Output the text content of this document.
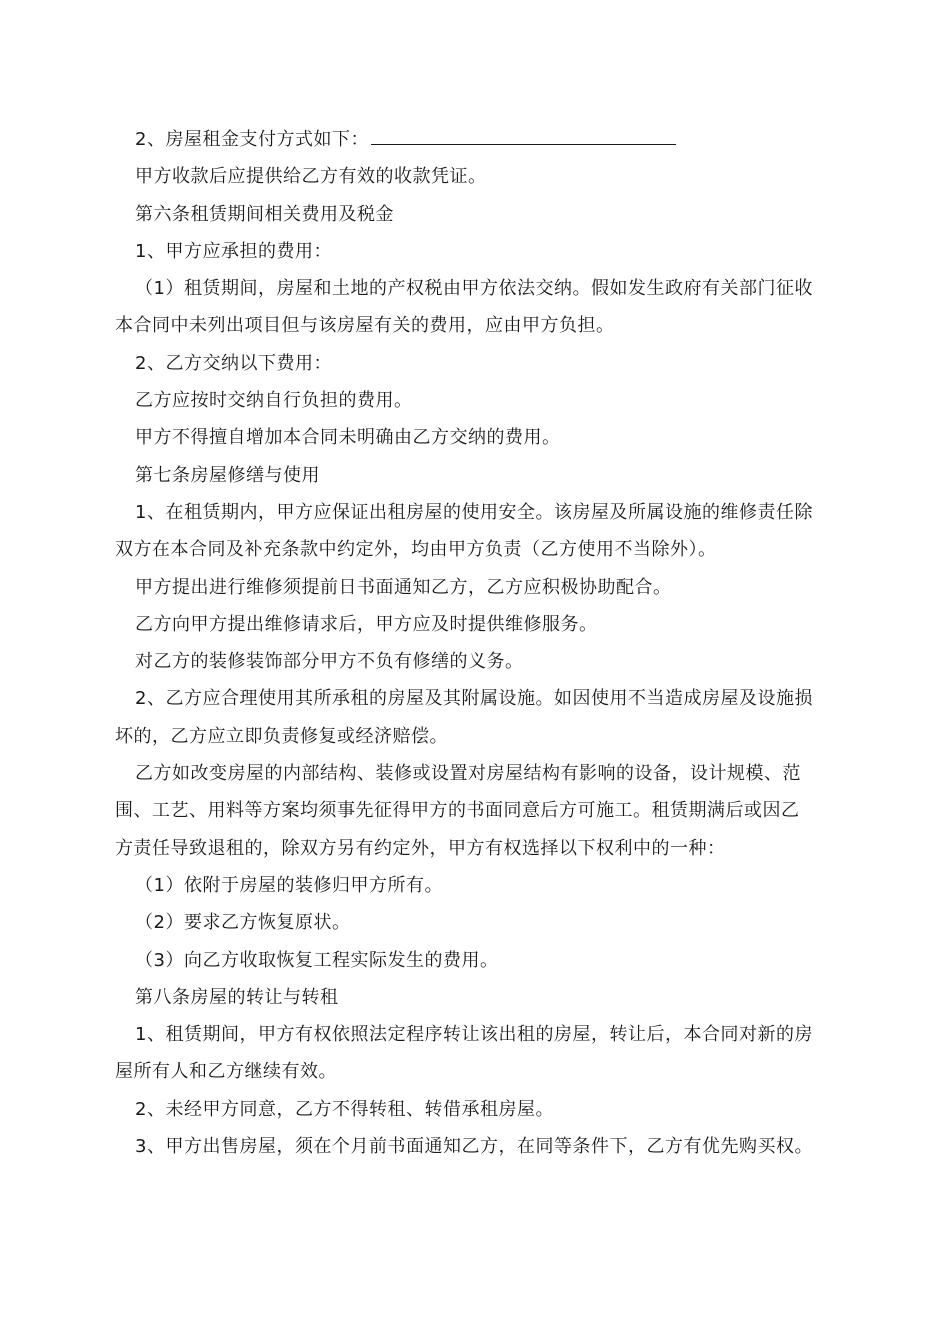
2、房屋租金支付方式如下：

甲方收款后应提供给乙方有效的收款凭证。

第六条租赁期间相关费用及税金

1、甲方应承担的费用：

（1）租赁期间，房屋和土地的产权税由甲方依法交纳。假如发生政府有关部门征收

本合同中未列出项目但与该房屋有关的费用，应由甲方负担。

2、乙方交纳以下费用：

乙方应按时交纳自行负担的费用。

甲方不得擅自增加本合同未明确由乙方交纳的费用。

第七条房屋修缮与使用

1、在租赁期内，甲方应保证出租房屋的使用安全。该房屋及所属设施的维修责任除

双方在本合同及补充条款中约定外，均由甲方负责（乙方使用不当除外）。

甲方提出进行维修须提前日书面通知乙方，乙方应积极协助配合。

乙方向甲方提出维修请求后，甲方应及时提供维修服务。

对乙方的装修装饰部分甲方不负有修缮的义务。

2、乙方应合理使用其所承租的房屋及其附属设施。如因使用不当造成房屋及设施损

坏的，乙方应立即负责修复或经济赔偿。

乙方如改变房屋的内部结构、装修或设置对房屋结构有影响的设备，设计规模、范

围、工艺、用料等方案均须事先征得甲方的书面同意后方可施工。租赁期满后或因乙

方责任导致退租的，除双方另有约定外，甲方有权选择以下权利中的一种：

（1）依附于房屋的装修归甲方所有。

（2）要求乙方恢复原状。

（3）向乙方收取恢复工程实际发生的费用。

第八条房屋的转让与转租

1、租赁期间，甲方有权依照法定程序转让该出租的房屋，转让后，本合同对新的房

屋所有人和乙方继续有效。

2、未经甲方同意，乙方不得转租、转借承租房屋。

3、甲方出售房屋，须在个月前书面通知乙方，在同等条件下，乙方有优先购买权。
